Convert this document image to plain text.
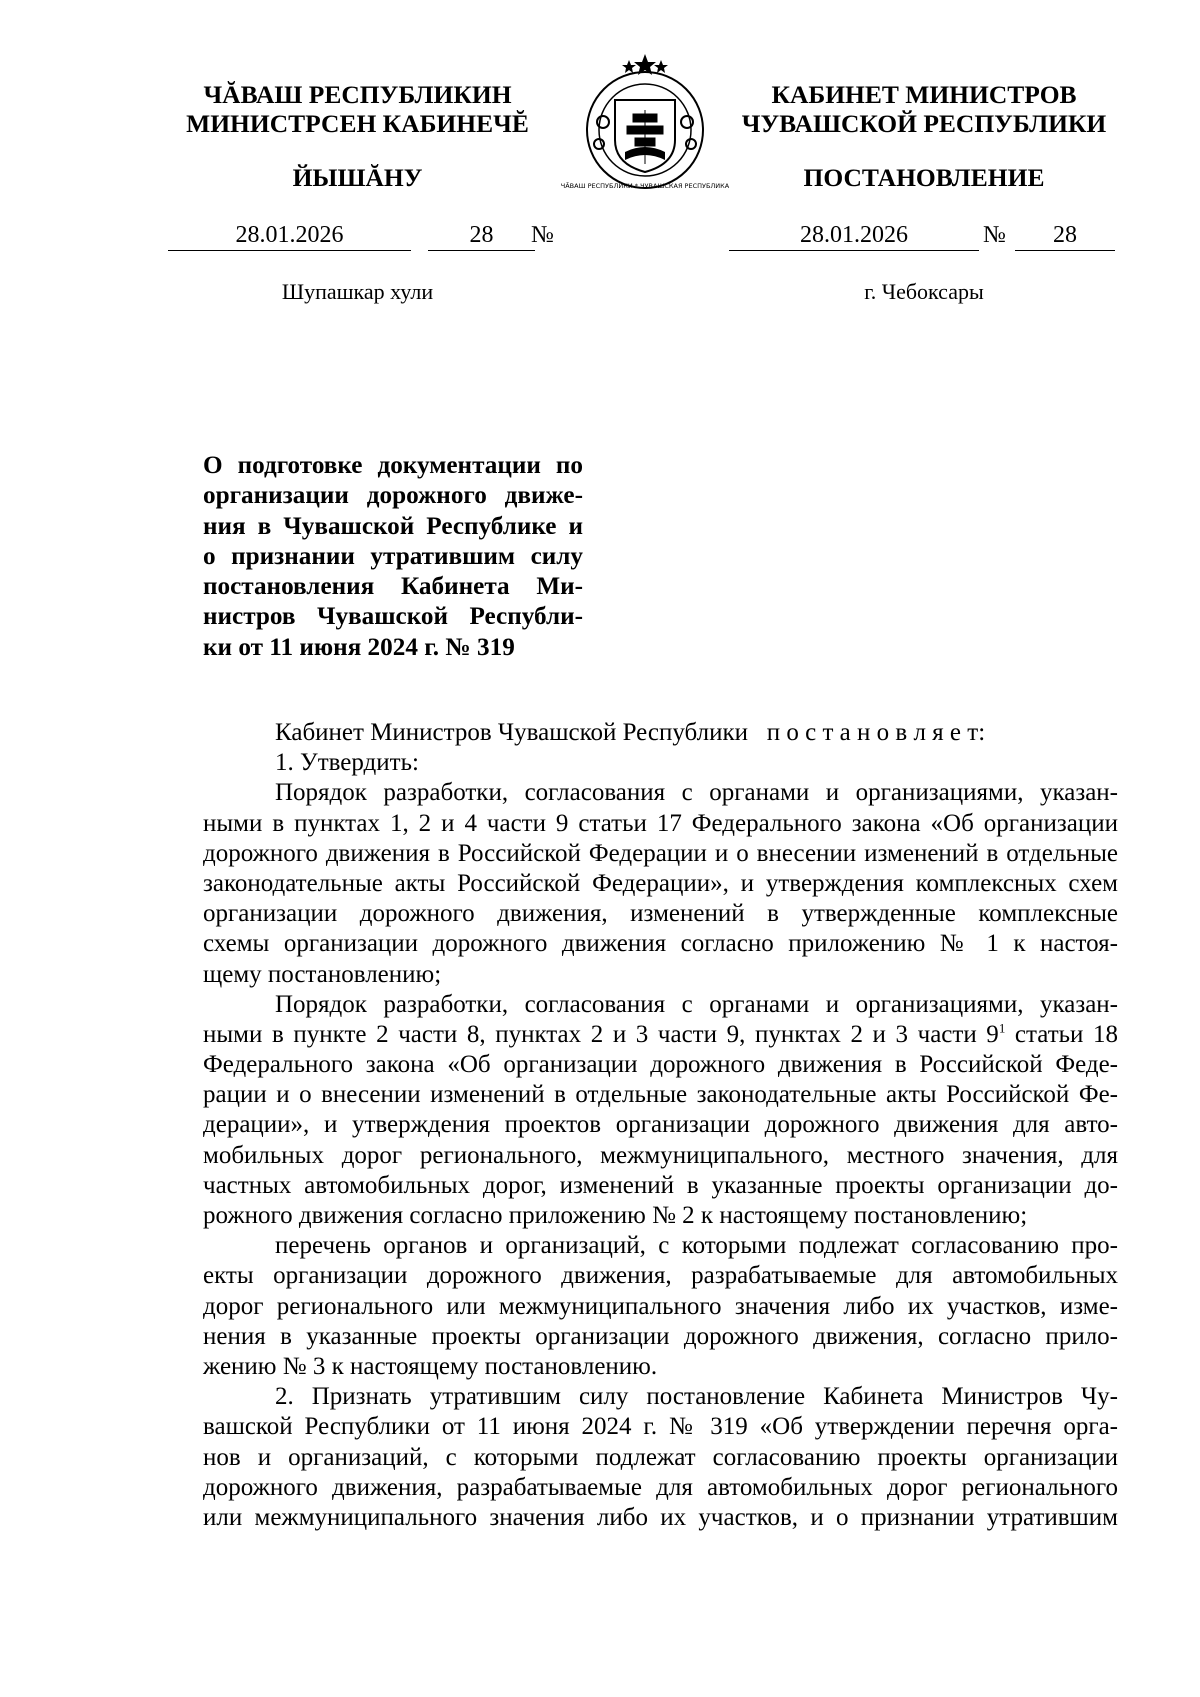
ЧĂВАШ РЕСПУБЛИКИН
МИНИСТРСЕН КАБИНЕЧĔ
ЧĂВАШ РЕСПУБЛИКИ * ЧУВАШСКАЯ РЕСПУБЛИКА
КАБИНЕТ МИНИСТРОВ
ЧУВАШСКОЙ РЕСПУБЛИКИ
ЙЫШĂНУ	ПОСТАНОВЛЕНИЕ
28.01.2026	28	№	28.01.2026	№	28
Шупашкар хули	г. Чебоксары
О подготовке документации по
организации дорожного движе-
ния в Чувашской Республике и
о признании утратившим силу
постановления Кабинета Ми-
нистров Чувашской Республи-
ки от 11 июня 2024 г. № 319
Кабинет Министров Чувашской Республики п о с т а н о в л я е т:
1. Утвердить:
Порядок разработки, согласования с органами и организациями, указан-
ными в пунктах 1, 2 и 4 части 9 статьи 17 Федерального закона «Об организации
дорожного движения в Российской Федерации и о внесении изменений в отдельные
законодательные акты Российской Федерации», и утверждения комплексных схем
организации дорожного движения, изменений в утвержденные комплексные
схемы организации дорожного движения согласно приложению № 1 к настоя-
щему постановлению;
Порядок разработки, согласования с органами и организациями, указан-
ными в пункте 2 части 8, пунктах 2 и 3 части 9, пунктах 2 и 3 части $9^1$ статьи 18
Федерального закона «Об организации дорожного движения в Российской Феде-
рации и о внесении изменений в отдельные законодательные акты Российской Фе-
дерации», и утверждения проектов организации дорожного движения для авто-
мобильных дорог регионального, межмуниципального, местного значения, для
частных автомобильных дорог, изменений в указанные проекты организации до-
рожного движения согласно приложению № 2 к настоящему постановлению;
перечень органов и организаций, с которыми подлежат согласованию про-
екты организации дорожного движения, разрабатываемые для автомобильных
дорог регионального или межмуниципального значения либо их участков, изме-
нения в указанные проекты организации дорожного движения, согласно прило-
жению № 3 к настоящему постановлению.
2. Признать утратившим силу постановление Кабинета Министров Чу-
вашской Республики от 11 июня 2024 г. № 319 «Об утверждении перечня орга-
нов и организаций, с которыми подлежат согласованию проекты организации
дорожного движения, разрабатываемые для автомобильных дорог регионального
или межмуниципального значения либо их участков, и о признании утратившим
